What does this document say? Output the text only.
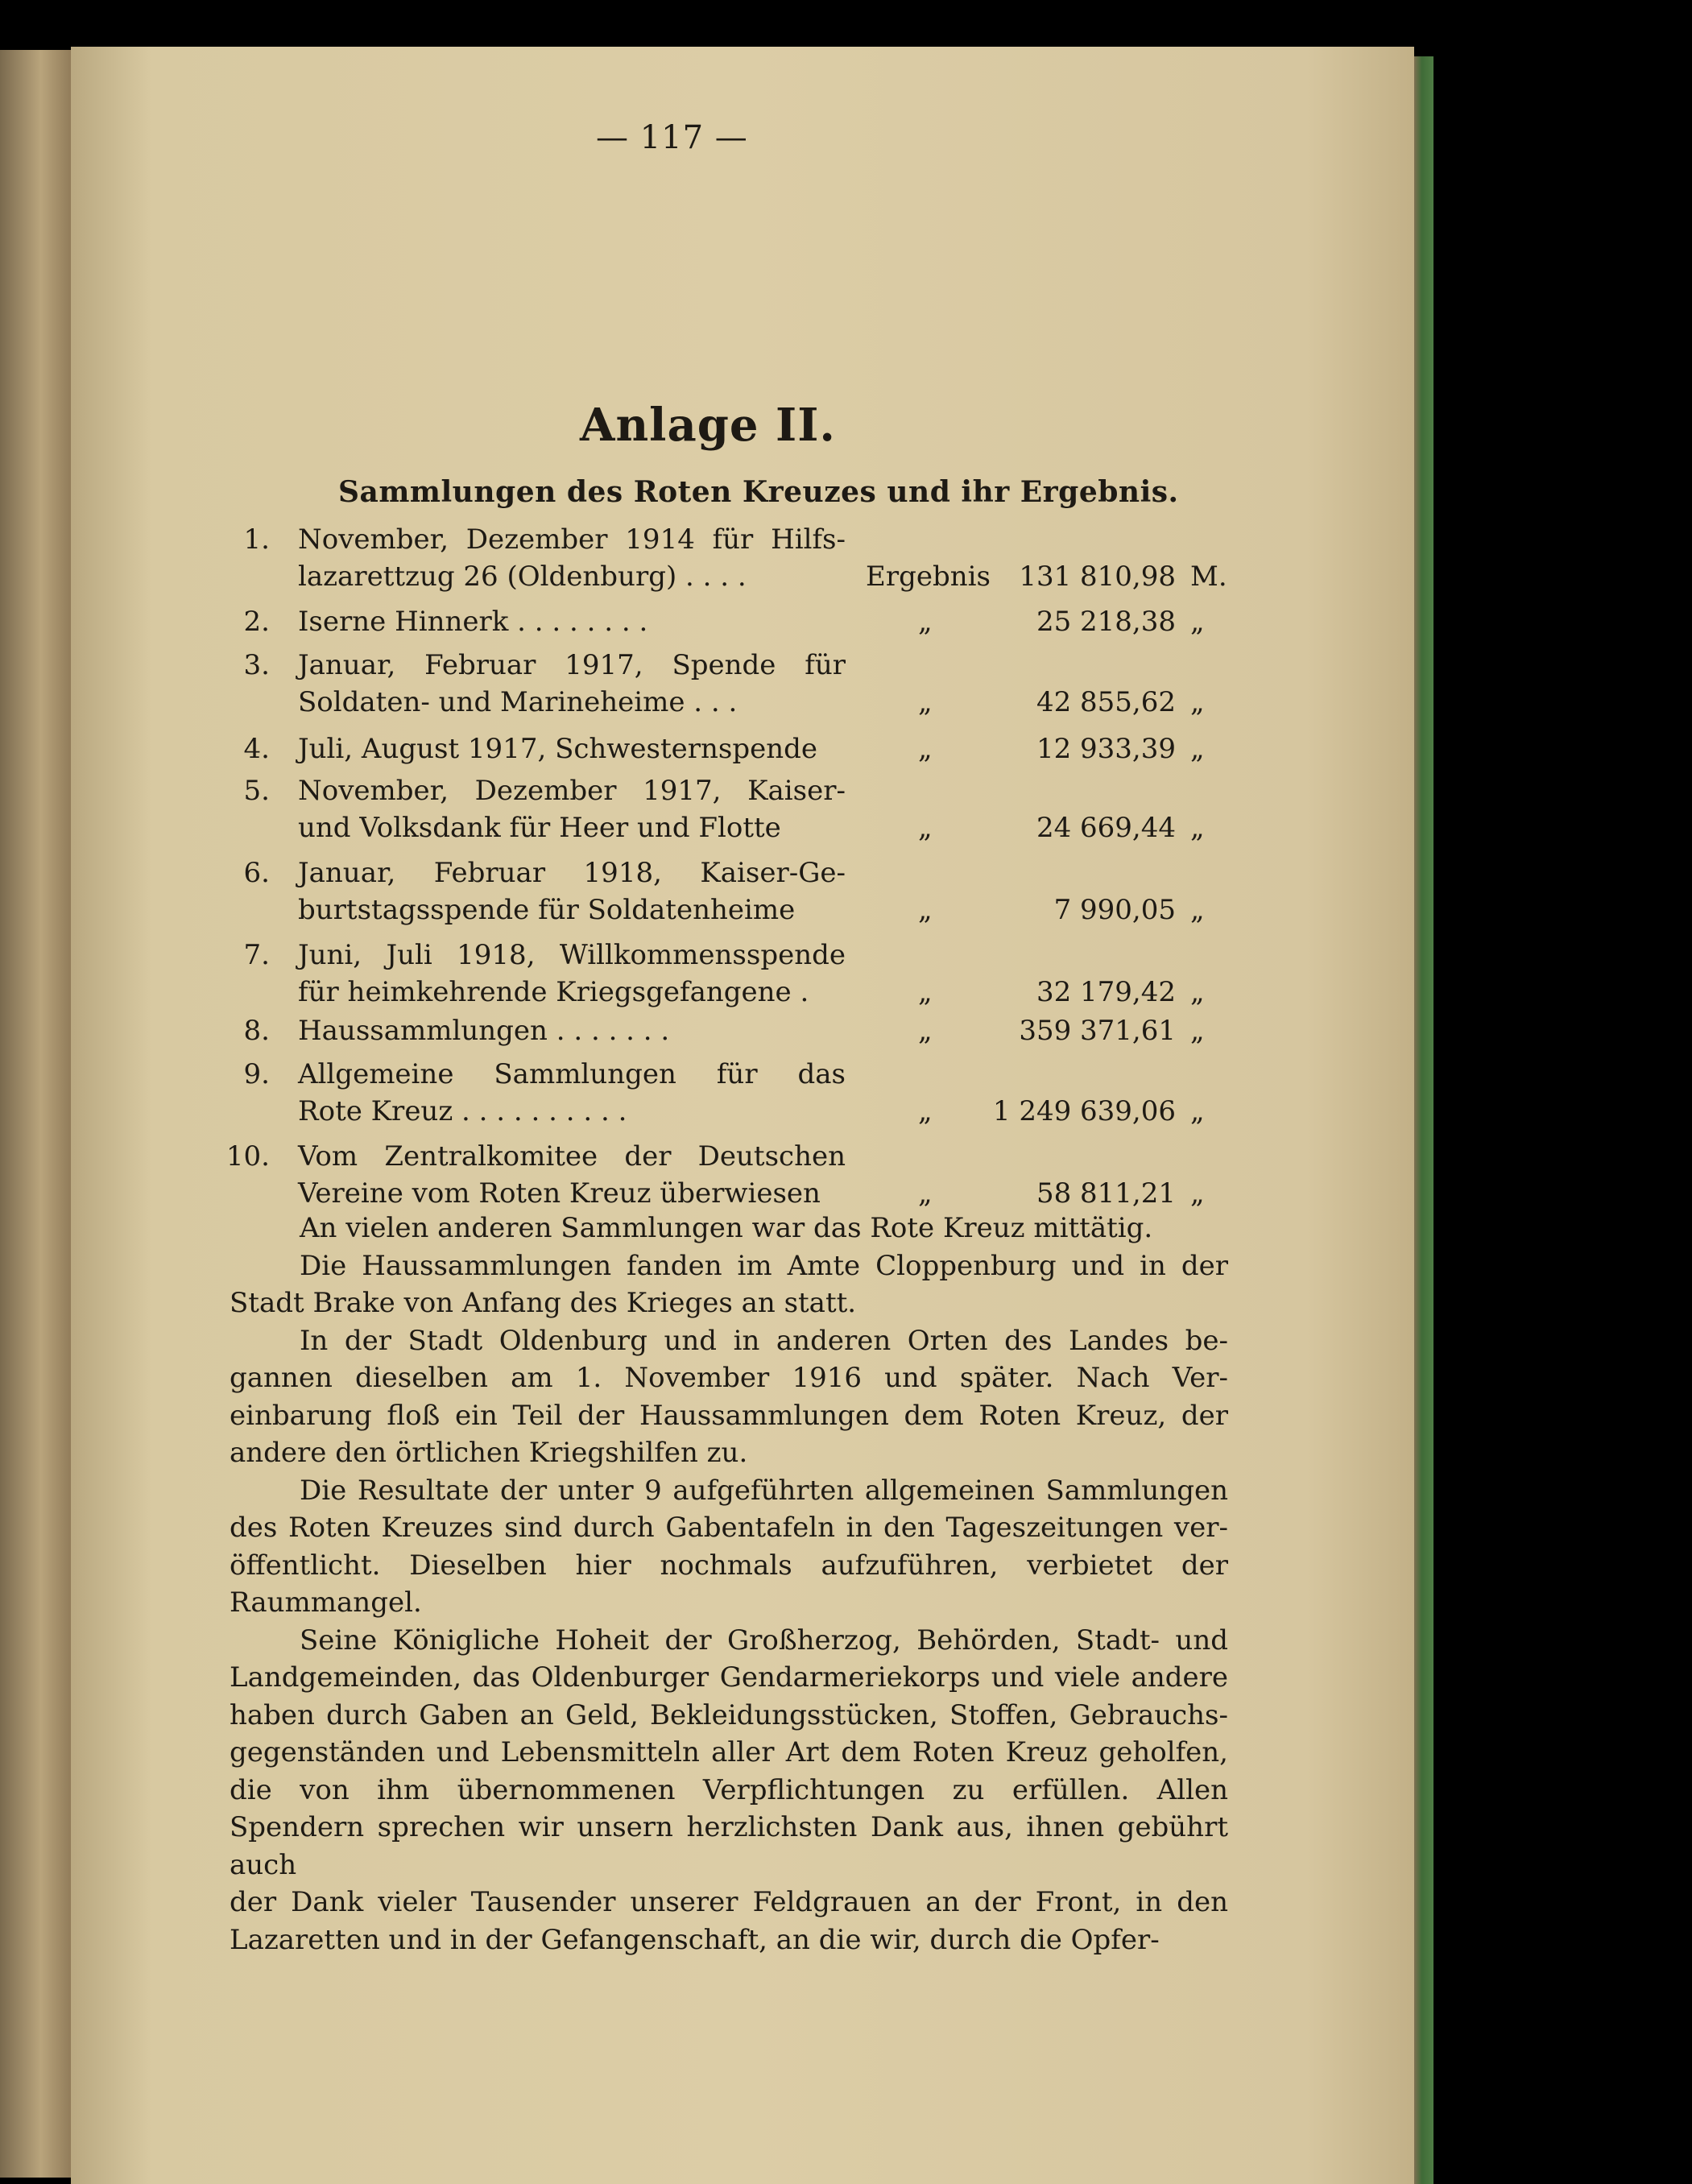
— 117 —
Anlage II.
Sammlungen des Roten Kreuzes und ihr Ergebnis.
1. November, Dezember 1914 für Hilfs-
lazarettzug 26 (Oldenburg) . . . .	Ergebnis	131 810,98 M.
2. Iserne Hinnerk . . . . . . . .	„	25 218,38 „
3. Januar, Februar 1917, Spende für
Soldaten- und Marineheime . . .	„	42 855,62 „
4. Juli, August 1917, Schwesternspende	„	12 933,39 „
5. November, Dezember 1917, Kaiser-
und Volksdank für Heer und Flotte	„	24 669,44 „
6. Januar, Februar 1918, Kaiser-Ge-
burtstagsspende für Soldatenheime	„	7 990,05 „
7. Juni, Juli 1918, Willkommensspende
für heimkehrende Kriegsgefangene .	„	32 179,42 „
8. Haussammlungen . . . . . . .	„	359 371,61 „
9. Allgemeine Sammlungen für das
Rote Kreuz . . . . . . . . . .	„	1 249 639,06 „
10. Vom Zentralkomitee der Deutschen
Vereine vom Roten Kreuz überwiesen	„	58 811,21 „

An vielen anderen Sammlungen war das Rote Kreuz mittätig.

Die Haussammlungen fanden im Amte Cloppenburg und in der
Stadt Brake von Anfang des Krieges an statt.

In der Stadt Oldenburg und in anderen Orten des Landes be-
gannen dieselben am 1. November 1916 und später. Nach Ver-
einbarung floß ein Teil der Haussammlungen dem Roten Kreuz, der
andere den örtlichen Kriegshilfen zu.

Die Resultate der unter 9 aufgeführten allgemeinen Sammlungen
des Roten Kreuzes sind durch Gabentafeln in den Tageszeitungen ver-
öffentlicht. Dieselben hier nochmals aufzuführen, verbietet der
Raummangel.

Seine Königliche Hoheit der Großherzog, Behörden, Stadt- und
Landgemeinden, das Oldenburger Gendarmeriekorps und viele andere
haben durch Gaben an Geld, Bekleidungsstücken, Stoffen, Gebrauchs-
gegenständen und Lebensmitteln aller Art dem Roten Kreuz geholfen,
die von ihm übernommenen Verpflichtungen zu erfüllen. Allen
Spendern sprechen wir unsern herzlichsten Dank aus, ihnen gebührt auch
der Dank vieler Tausender unserer Feldgrauen an der Front, in den
Lazaretten und in der Gefangenschaft, an die wir, durch die Opfer-
